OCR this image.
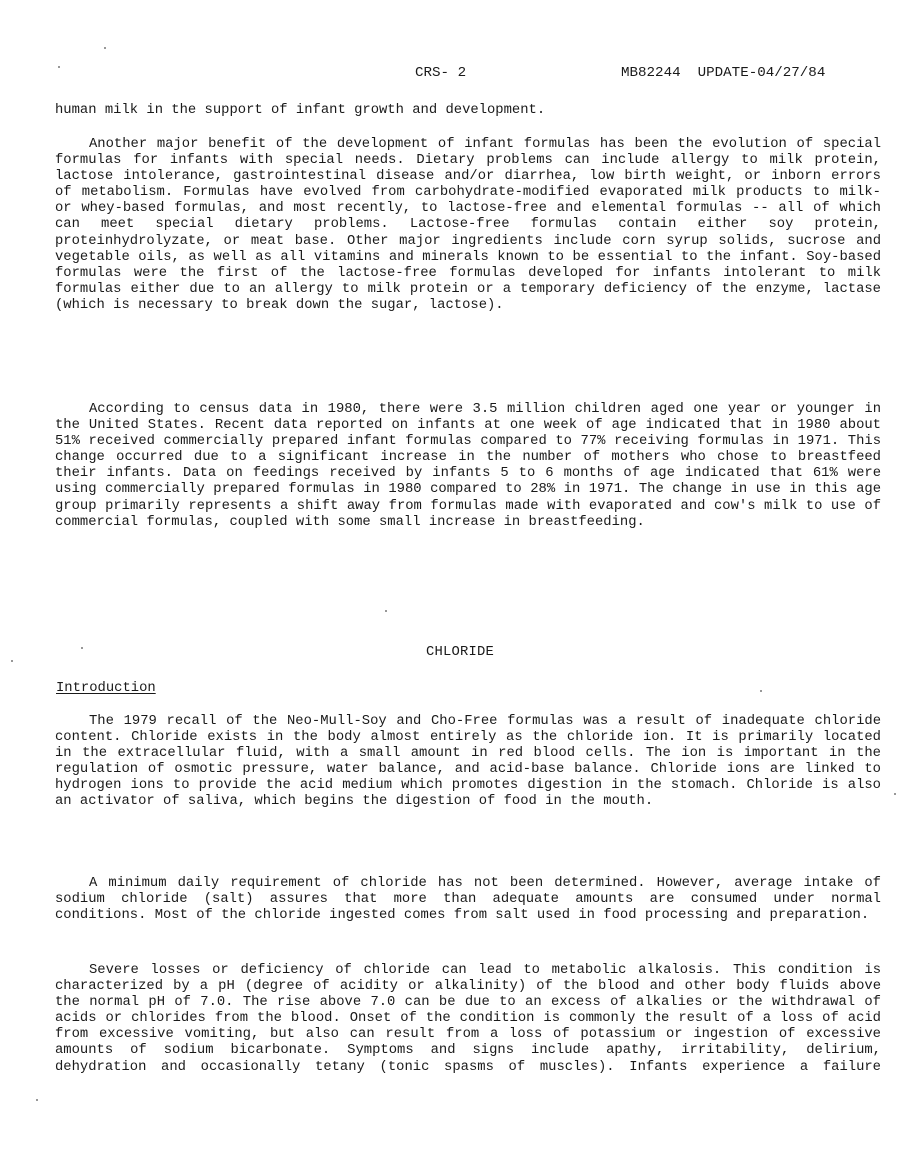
CRS- 2

	MB82244  UPDATE-04/27/84

human milk in the support of infant growth and development.

Another major benefit of the development of infant formulas has been the evolution of special formulas for infants with special needs. Dietary problems can include allergy to milk protein, lactose intolerance, gastrointestinal disease and/or diarrhea, low birth weight, or inborn errors of metabolism. Formulas have evolved from carbohydrate-modified evaporated milk products to milk- or whey-based formulas, and most recently, to lactose-free and elemental formulas -- all of which can meet special dietary problems. Lactose-free formulas contain either soy protein, proteinhydrolyzate, or meat base. Other major ingredients include corn syrup solids, sucrose and vegetable oils, as well as all vitamins and minerals known to be essential to the infant. Soy-based formulas were the first of the lactose-free formulas developed for infants intolerant to milk formulas either due to an allergy to milk protein or a temporary deficiency of the enzyme, lactase (which is necessary to break down the sugar, lactose).

According to census data in 1980, there were 3.5 million children aged one year or younger in the United States. Recent data reported on infants at one week of age indicated that in 1980 about 51% received commercially prepared infant formulas compared to 77% receiving formulas in 1971. This change occurred due to a significant increase in the number of mothers who chose to breastfeed their infants. Data on feedings received by infants 5 to 6 months of age indicated that 61% were using commercially prepared formulas in 1980 compared to 28% in 1971. The change in use in this age group primarily represents a shift away from formulas made with evaporated and cow's milk to use of commercial formulas, coupled with some small increase in breastfeeding.

CHLORIDE
Introduction

The 1979 recall of the Neo-Mull-Soy and Cho-Free formulas was a result of inadequate chloride content. Chloride exists in the body almost entirely as the chloride ion. It is primarily located in the extracellular fluid, with a small amount in red blood cells. The ion is important in the regulation of osmotic pressure, water balance, and acid-base balance. Chloride ions are linked to hydrogen ions to provide the acid medium which promotes digestion in the stomach. Chloride is also an activator of saliva, which begins the digestion of food in the mouth.

A minimum daily requirement of chloride has not been determined. However, average intake of sodium chloride (salt) assures that more than adequate amounts are consumed under normal conditions. Most of the chloride ingested comes from salt used in food processing and preparation.

Severe losses or deficiency of chloride can lead to metabolic alkalosis. This condition is characterized by a pH (degree of acidity or alkalinity) of the blood and other body fluids above the normal pH of 7.0. The rise above 7.0 can be due to an excess of alkalies or the withdrawal of acids or chlorides from the blood. Onset of the condition is commonly the result of a loss of acid from excessive vomiting, but also can result from a loss of potassium or ingestion of excessive amounts of sodium bicarbonate. Symptoms and signs include apathy, irritability, delirium, dehydration and occasionally tetany (tonic spasms of muscles). Infants experience a failure
